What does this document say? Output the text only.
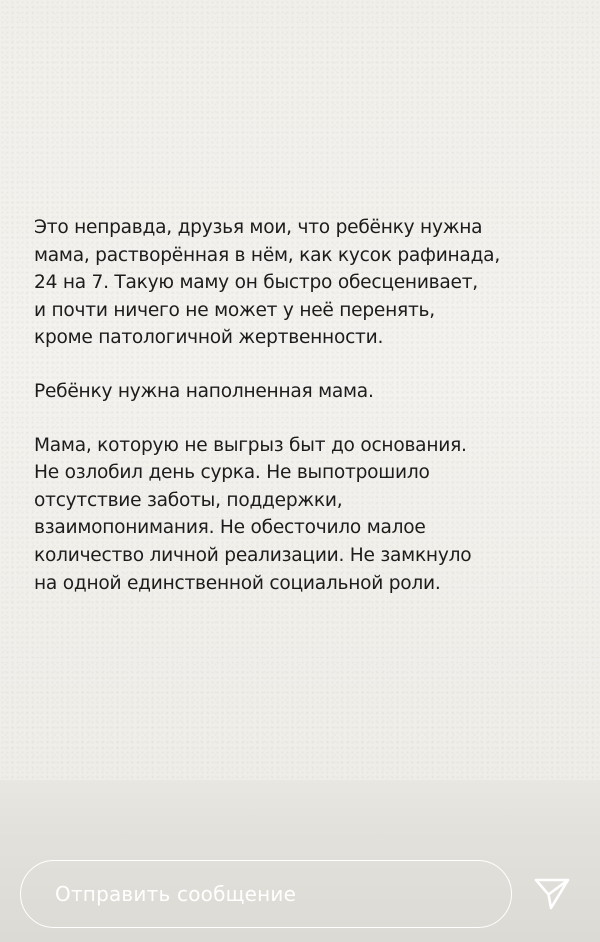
Это неправда, друзья мои, что ребёнку нужна
мама, растворённая в нём, как кусок рафинада,
24 на 7. Такую маму он быстро обесценивает,
и почти ничего не может у неё перенять,
кроме патологичной жертвенности.

Ребёнку нужна наполненная мама.

Мама, которую не выгрыз быт до основания.
Не озлобил день сурка. Не выпотрошило
отсутствие заботы, поддержки,
взаимопонимания. Не обесточило малое
количество личной реализации. Не замкнуло
на одной единственной социальной роли.

Отправить сообщение
